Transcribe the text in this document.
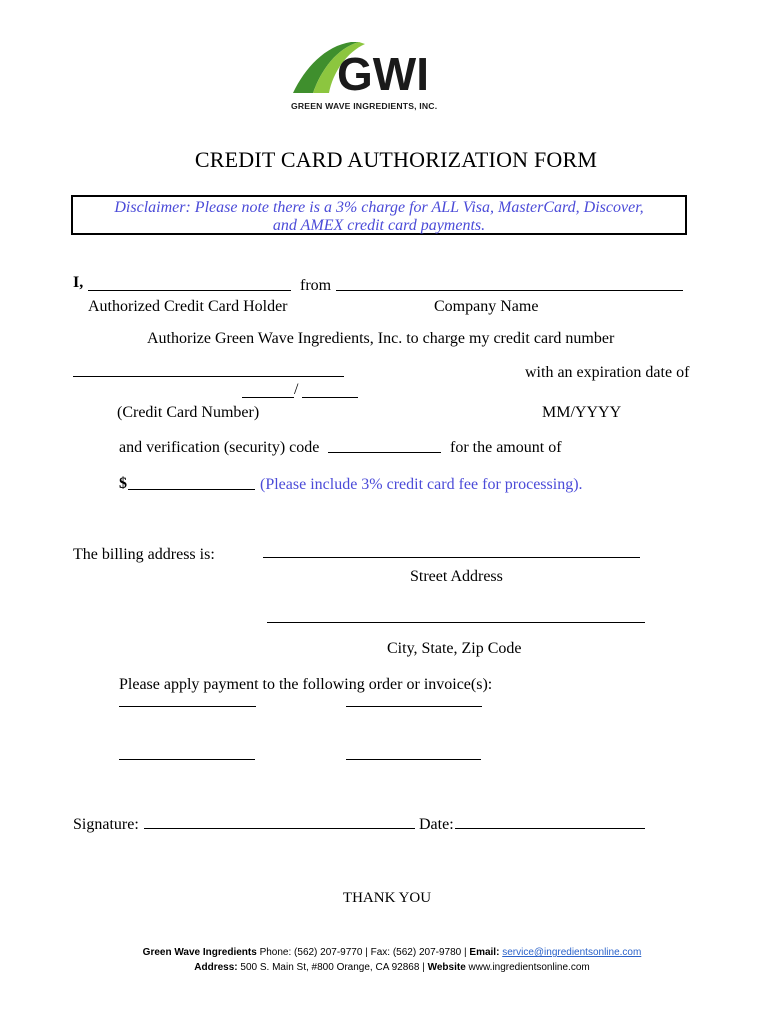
GWI
GREEN WAVE INGREDIENTS, INC.
CREDIT CARD AUTHORIZATION FORM
Disclaimer: Please note there is a 3% charge for ALL Visa, MasterCard, Discover,
and AMEX credit card payments.
I,	from
Authorized Credit Card Holder	Company Name
Authorize Green Wave Ingredients, Inc. to charge my credit card number
with an expiration date of
/
(Credit Card Number)	MM/YYYY
and verification (security) code	for the amount of
$	(Please include 3% credit card fee for processing).
The billing address is:
Street Address
City, State, Zip Code
Please apply payment to the following order or invoice(s):
Signature:	Date:
THANK YOU
Green Wave Ingredients Phone: (562) 207-9770 | Fax: (562) 207-9780 | Email: service@ingredientsonline.com
Address: 500 S. Main St, #800 Orange, CA 92868 | Website www.ingredientsonline.com
